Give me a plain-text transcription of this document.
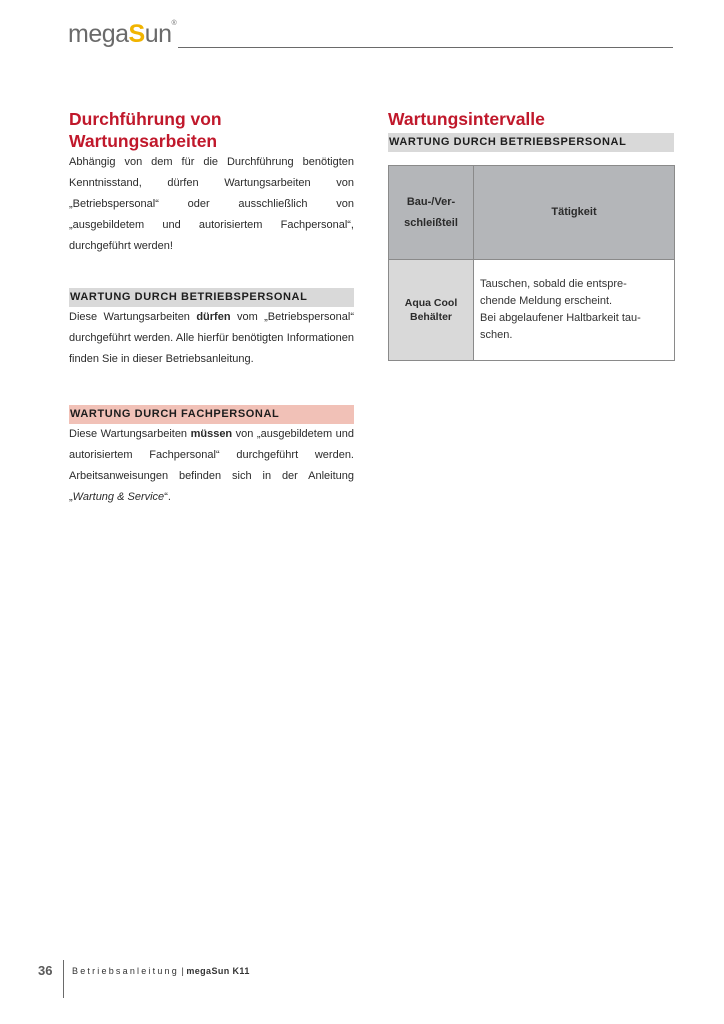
megaSun®
Durchführung von
Wartungsarbeiten

Abhängig von dem für die Durchführung benötigten Kenntnisstand, dürfen Wartungsarbeiten von „Betriebspersonal“ oder ausschließlich von „ausgebildetem und autorisiertem Fachpersonal“, durchgeführt werden!

WARTUNG DURCH BETRIEBSPERSONAL

Diese Wartungsarbeiten dürfen vom „Betriebspersonal“ durchgeführt werden. Alle hierfür benötigten Informationen finden Sie in dieser Betriebsanleitung.

WARTUNG DURCH FACHPERSONAL

Diese Wartungsarbeiten müssen von „ausgebildetem und autorisiertem Fachpersonal“ durchgeführt werden. Arbeitsanweisungen befinden sich in der Anleitung „Wartung & Service“.

Wartungsintervalle
WARTUNG DURCH BETRIEBSPERSONAL
Bau-/Ver-
schleißteil	Tätigkeit
Aqua Cool
Behälter	Tauschen, sobald die entspre-
chende Meldung erscheint.
Bei abgelaufener Haltbarkeit tau-
schen.
36 Betriebsanleitung | megaSun K11
